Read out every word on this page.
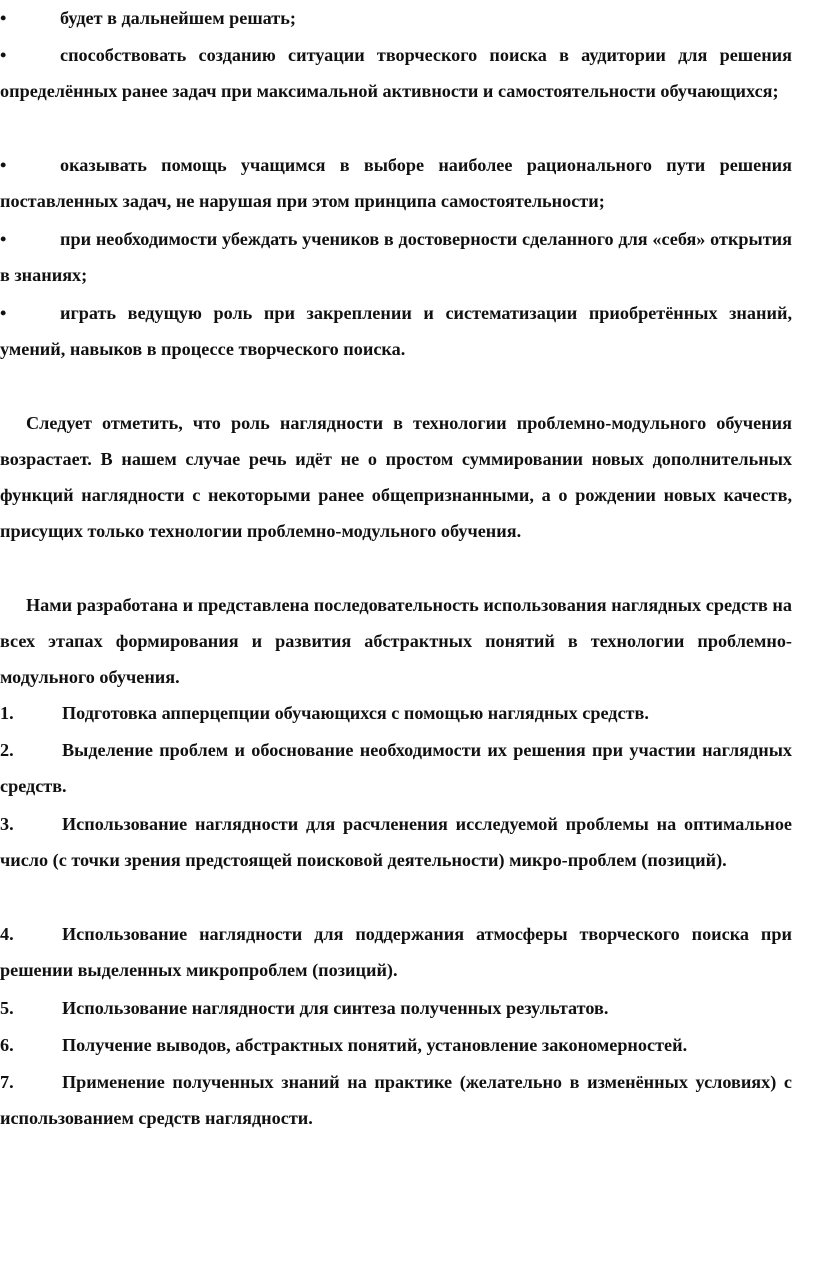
•	будет в дальнейшем решать;
•	способствовать созданию ситуации творческого поиска в аудитории для решения определённых ранее задач при максимальной активности и самостоятельности обучающихся;
•	оказывать помощь учащимся в выборе наиболее рационального пути решения поставленных задач, не нарушая при этом принципа самостоятельности;
•	при необходимости убеждать учеников в достоверности сделанного для «себя» открытия в знаниях;
•	играть ведущую роль при закреплении и систематизации приобретённых знаний, умений, навыков в процессе творческого поиска.
Следует отметить, что роль наглядности в технологии проблемно-модульного обучения возрастает. В нашем случае речь идёт не о простом суммировании новых дополнительных функций наглядности с некоторыми ранее общепризнанными, а о рождении новых качеств, присущих только технологии проблемно-модульного обучения.
Нами разработана и представлена последовательность использования наглядных средств на всех этапах формирования и развития абстрактных понятий в технологии проблемно-модульного обучения.
1.	Подготовка апперцепции обучающихся с помощью наглядных средств.
2.	Выделение проблем и обоснование необходимости их решения при участии наглядных средств.
3.	Использование наглядности для расчленения исследуемой проблемы на оптимальное число (с точки зрения предстоящей поисковой деятельности) микро-проблем (позиций).
4.	Использование наглядности для поддержания атмосферы творческого поиска при решении выделенных микропроблем (позиций).
5.	Использование наглядности для синтеза полученных результатов.
6.	Получение выводов, абстрактных понятий, установление закономерностей.
7.	Применение полученных знаний на практике (желательно в изменённых условиях) с использованием средств наглядности.
